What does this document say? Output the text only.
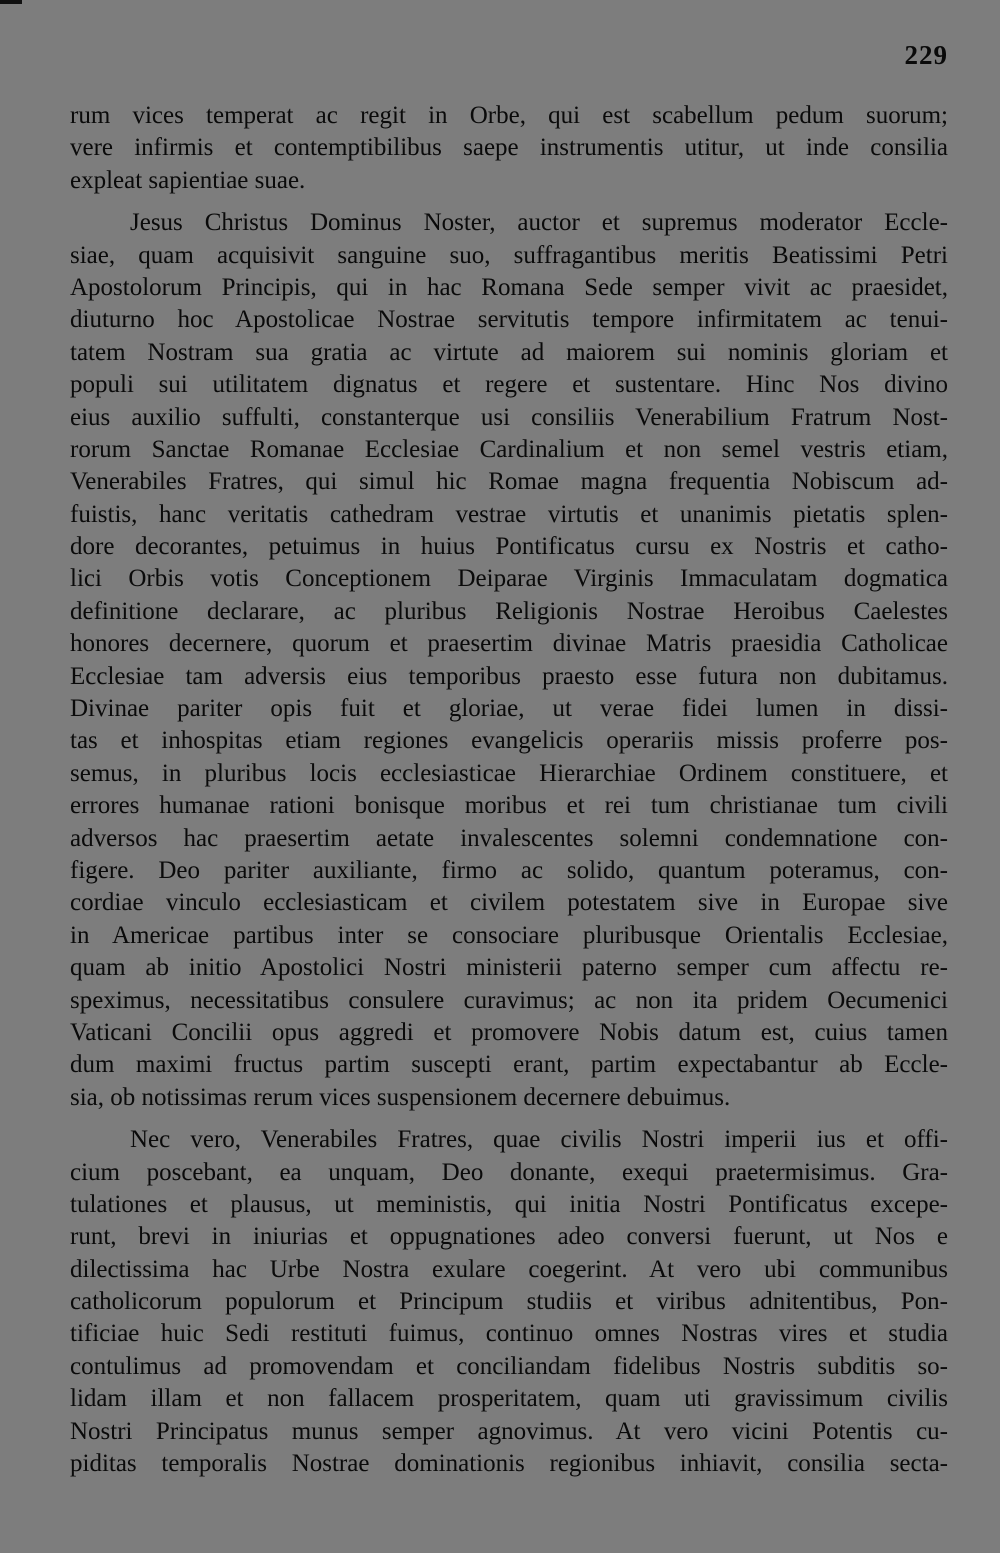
229
rum vices temperat ac regit in Orbe, qui est scabellum pedum suorum;
vere infirmis et contemptibilibus saepe instrumentis utitur, ut inde consilia
expleat sapientiae suae.
Jesus Christus Dominus Noster, auctor et supremus moderator Eccle-
siae, quam acquisivit sanguine suo, suffragantibus meritis Beatissimi Petri
Apostolorum Principis, qui in hac Romana Sede semper vivit ac praesidet,
diuturno hoc Apostolicae Nostrae servitutis tempore infirmitatem ac tenui-
tatem Nostram sua gratia ac virtute ad maiorem sui nominis gloriam et
populi sui utilitatem dignatus et regere et sustentare. Hinc Nos divino
eius auxilio suffulti, constanterque usi consiliis Venerabilium Fratrum Nost-
rorum Sanctae Romanae Ecclesiae Cardinalium et non semel vestris etiam,
Venerabiles Fratres, qui simul hic Romae magna frequentia Nobiscum ad-
fuistis, hanc veritatis cathedram vestrae virtutis et unanimis pietatis splen-
dore decorantes, petuimus in huius Pontificatus cursu ex Nostris et catho-
lici Orbis votis Conceptionem Deiparae Virginis Immaculatam dogmatica
definitione declarare, ac pluribus Religionis Nostrae Heroibus Caelestes
honores decernere, quorum et praesertim divinae Matris praesidia Catholicae
Ecclesiae tam adversis eius temporibus praesto esse futura non dubitamus.
Divinae pariter opis fuit et gloriae, ut verae fidei lumen in dissi-
tas et inhospitas etiam regiones evangelicis operariis missis proferre pos-
semus, in pluribus locis ecclesiasticae Hierarchiae Ordinem constituere, et
errores humanae rationi bonisque moribus et rei tum christianae tum civili
adversos hac praesertim aetate invalescentes solemni condemnatione con-
figere. Deo pariter auxiliante, firmo ac solido, quantum poteramus, con-
cordiae vinculo ecclesiasticam et civilem potestatem sive in Europae sive
in Americae partibus inter se consociare pluribusque Orientalis Ecclesiae,
quam ab initio Apostolici Nostri ministerii paterno semper cum affectu re-
speximus, necessitatibus consulere curavimus; ac non ita pridem Oecumenici
Vaticani Concilii opus aggredi et promovere Nobis datum est, cuius tamen
dum maximi fructus partim suscepti erant, partim expectabantur ab Eccle-
sia, ob notissimas rerum vices suspensionem decernere debuimus.
Nec vero, Venerabiles Fratres, quae civilis Nostri imperii ius et offi-
cium poscebant, ea unquam, Deo donante, exequi praetermisimus. Gra-
tulationes et plausus, ut meministis, qui initia Nostri Pontificatus excepe-
runt, brevi in iniurias et oppugnationes adeo conversi fuerunt, ut Nos e
dilectissima hac Urbe Nostra exulare coegerint. At vero ubi communibus
catholicorum populorum et Principum studiis et viribus adnitentibus, Pon-
tificiae huic Sedi restituti fuimus, continuo omnes Nostras vires et studia
contulimus ad promovendam et conciliandam fidelibus Nostris subditis so-
lidam illam et non fallacem prosperitatem, quam uti gravissimum civilis
Nostri Principatus munus semper agnovimus. At vero vicini Potentis cu-
piditas temporalis Nostrae dominationis regionibus inhiavit, consilia secta-
